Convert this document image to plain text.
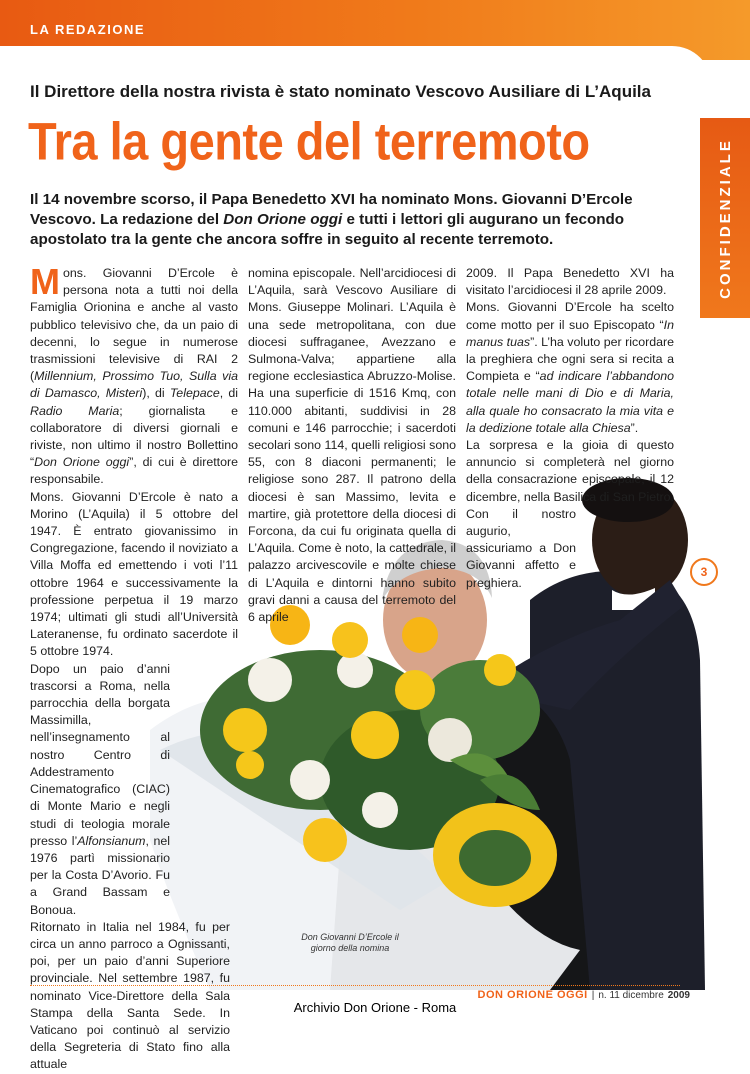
LA REDAZIONE
CONFIDENZIALE
Il Direttore della nostra rivista è stato nominato Vescovo Ausiliare di L’Aquila
Tra la gente del terremoto
Il 14 novembre scorso, il Papa Benedetto XVI ha nominato Mons. Giovanni D’Ercole Vescovo. La redazione del Don Orione oggi e tutti i lettori gli augurano un fecondo apostolato tra la gente che ancora soffre in seguito al recente terremoto.

Mons. Giovanni D’Ercole è persona nota a tutti noi della Famiglia Orionina e anche al vasto pubblico televisivo che, da un paio di decenni, lo segue in numerose trasmissioni televisive di RAI 2 (Millennium, Prossimo Tuo, Sulla via di Damasco, Misteri), di Telepace, di Radio Maria; giornalista e collaboratore di diversi giornali e riviste, non ultimo il nostro Bollettino “Don Orione oggi”, di cui è direttore responsabile.

Mons. Giovanni D’Ercole è nato a Morino (L’Aquila) il 5 ottobre del 1947. È entrato giovanissimo in Congregazione, facendo il noviziato a Villa Moffa ed emettendo i voti l’11 ottobre 1964 e successivamente la professione perpetua il 19 marzo 1974; ultimati gli studi all’Università Lateranense, fu ordinato sacerdote il 5 ottobre 1974.

Dopo un paio d’anni trascorsi a Roma, nella parrocchia della borgata Massimilla, nell’insegnamento al nostro Centro di Addestramento Cinematografico (CIAC) di Monte Mario e negli studi di teologia morale presso l’Alfonsianum, nel 1976 partì missionario per la Costa D’Avorio. Fu a Grand Bassam e Bonoua.

Ritornato in Italia nel 1984, fu per circa un anno parroco a Ognissanti, poi, per un paio d’anni Superiore provinciale. Nel settembre 1987, fu nominato Vice-Direttore della Sala Stampa della Santa Sede. In Vaticano poi continuò al servizio della Segreteria di Stato fino alla attuale

nomina episcopale. Nell’arcidiocesi di L’Aquila, sarà Vescovo Ausiliare di Mons. Giuseppe Molinari. L’Aquila è una sede metropolitana, con due diocesi suffraganee, Avezzano e Sulmona-Valva; appartiene alla regione ecclesiastica Abruzzo-Molise. Ha una superficie di 1516 Kmq, con 110.000 abitanti, suddivisi in 28 comuni e 146 parrocchie; i sacerdoti secolari sono 114, quelli religiosi sono 55, con 8 diaconi permanenti; le religiose sono 287. Il patrono della diocesi è san Massimo, levita e martire, già protettore della diocesi di Forcona, da cui fu originata quella di L’Aquila. Come è noto, la cattedrale, il palazzo arcivescovile e molte chiese di L’Aquila e dintorni hanno subito gravi danni a causa del terremoto del 6 aprile

2009. Il Papa Benedetto XVI ha visitato l’arcidiocesi il 28 aprile 2009.

Mons. Giovanni D’Ercole ha scelto come motto per il suo Episcopato “In manus tuas”. L’ha voluto per ricordare la preghiera che ogni sera si recita a Compieta e “ad indicare l’abbandono totale nelle mani di Dio e di Maria, alla quale ho consacrato la mia vita e la dedizione totale alla Chiesa”.

La sorpresa e la gioia di questo annuncio si completerà nel giorno della consacrazione episcopale, il 12 dicembre, nella Basilica di San Pietro.

Con il nostro augurio, assicuriamo a Don Giovanni affetto e preghiera.

Don Giovanni D’Ercole il giorno della nomina
3
DON ORIONE OGGI | n. 11 dicembre 2009
Archivio Don Orione - Roma
